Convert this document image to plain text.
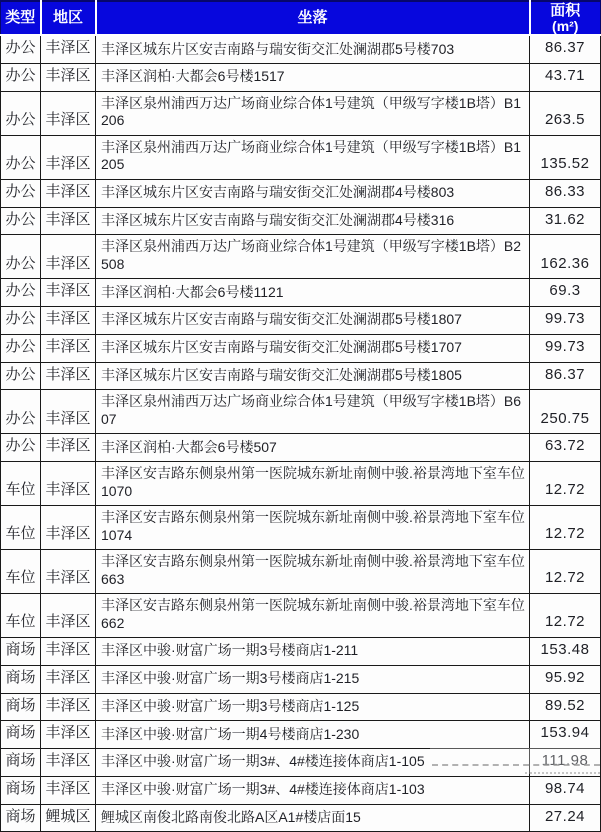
类型	地区	坐落	面积
(m²)

办公	丰泽区	丰泽区城东片区安吉南路与瑞安街交汇处澜湖郡5号楼703	86.37
办公	丰泽区	丰泽区润柏·大都会6号楼1517	43.71
办公	丰泽区	丰泽区泉州浦西万达广场商业综合体1号建筑（甲级写字楼1B塔）B1206	263.5
办公	丰泽区	丰泽区泉州浦西万达广场商业综合体1号建筑（甲级写字楼1B塔）B1205	135.52
办公	丰泽区	丰泽区城东片区安吉南路与瑞安街交汇处澜湖郡4号楼803	86.33
办公	丰泽区	丰泽区城东片区安吉南路与瑞安街交汇处澜湖郡4号楼316	31.62
办公	丰泽区	丰泽区泉州浦西万达广场商业综合体1号建筑（甲级写字楼1B塔）B2508	162.36
办公	丰泽区	丰泽区润柏·大都会6号楼1121	69.3
办公	丰泽区	丰泽区城东片区安吉南路与瑞安街交汇处澜湖郡5号楼1807	99.73
办公	丰泽区	丰泽区城东片区安吉南路与瑞安街交汇处澜湖郡5号楼1707	99.73
办公	丰泽区	丰泽区城东片区安吉南路与瑞安街交汇处澜湖郡5号楼1805	86.37
办公	丰泽区	丰泽区泉州浦西万达广场商业综合体1号建筑（甲级写字楼1B塔）B607	250.75
办公	丰泽区	丰泽区润柏·大都会6号楼507	63.72
车位	丰泽区	丰泽区安吉路东侧泉州第一医院城东新址南侧中骏.裕景湾地下室车位1070	12.72
车位	丰泽区	丰泽区安吉路东侧泉州第一医院城东新址南侧中骏.裕景湾地下室车位1074	12.72
车位	丰泽区	丰泽区安吉路东侧泉州第一医院城东新址南侧中骏.裕景湾地下室车位663	12.72
车位	丰泽区	丰泽区安吉路东侧泉州第一医院城东新址南侧中骏.裕景湾地下室车位662	12.72
商场	丰泽区	丰泽区中骏·财富广场一期3号楼商店1-211	153.48
商场	丰泽区	丰泽区中骏·财富广场一期3号楼商店1-215	95.92
商场	丰泽区	丰泽区中骏·财富广场一期3号楼商店1-125	89.52
商场	丰泽区	丰泽区中骏·财富广场一期4号楼商店1-230	153.94
商场	丰泽区	丰泽区中骏·财富广场一期3#、4#楼连接体商店1-105	111.98
商场	丰泽区	丰泽区中骏·财富广场一期3#、4#楼连接体商店1-103	98.74
商场	鲤城区	鲤城区南俊北路南俊北路A区A1#楼店面15	27.24
